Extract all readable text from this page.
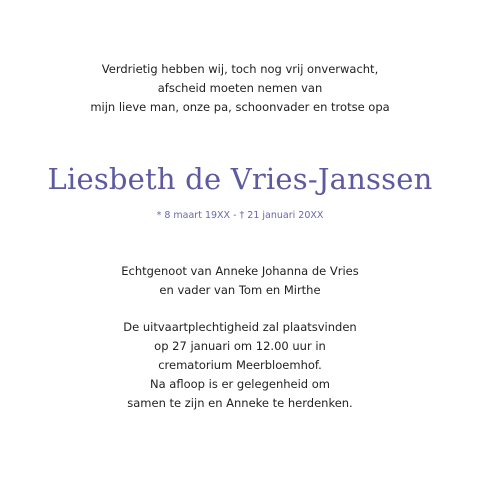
Verdrietig hebben wij, toch nog vrij onverwacht,
afscheid moeten nemen van
mijn lieve man, onze pa, schoonvader en trotse opa
Liesbeth de Vries-Janssen
* 8 maart 19XX - † 21 januari 20XX
Echtgenoot van Anneke Johanna de Vries
en vader van Tom en Mirthe
De uitvaartplechtigheid zal plaatsvinden
op 27 januari om 12.00 uur in
crematorium Meerbloemhof.
Na afloop is er gelegenheid om
samen te zijn en Anneke te herdenken.
